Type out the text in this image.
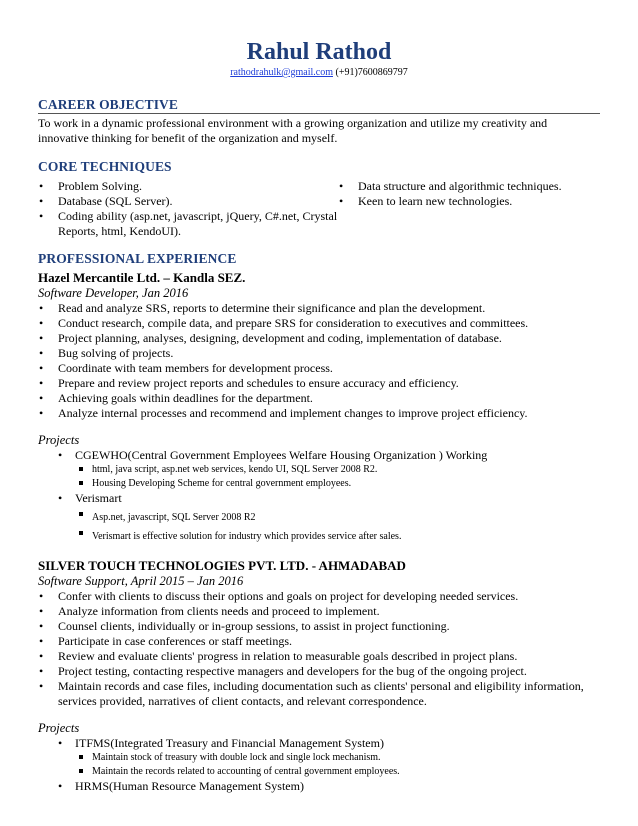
Rahul Rathod
rathodrahulk@gmail.com (+91)7600869797
CAREER OBJECTIVE

To work in a dynamic professional environment with a growing organization and utilize my creativity and innovative thinking for benefit of the organization and myself.

CORE TECHNIQUES
• Problem Solving.
• Database (SQL Server).
• Coding ability (asp.net, javascript, jQuery, C#.net, Crystal Reports, html, KendoUI).
• Data structure and algorithmic techniques.
• Keen to learn new technologies.
PROFESSIONAL EXPERIENCE
Hazel Mercantile Ltd. – Kandla SEZ.
Software Developer, Jan 2016
• Read and analyze SRS, reports to determine their significance and plan the development.
• Conduct research, compile data, and prepare SRS for consideration to executives and committees.
• Project planning, analyses, designing, development and coding, implementation of database.
• Bug solving of projects.
• Coordinate with team members for development process.
• Prepare and review project reports and schedules to ensure accuracy and efficiency.
• Achieving goals within deadlines for the department.
• Analyze internal processes and recommend and implement changes to improve project efficiency.
Projects
• CGEWHO(Central Government Employees Welfare Housing Organization ) Working
html, java script, asp.net web services, kendo UI, SQL Server 2008 R2.
Housing Developing Scheme for central government employees.
• Verismart
Asp.net, javascript, SQL Server 2008 R2
Verismart is effective solution for industry which provides service after sales.
SILVER TOUCH TECHNOLOGIES PVT. LTD. - AHMADABAD
Software Support, April 2015 – Jan 2016
• Confer with clients to discuss their options and goals on project for developing needed services.
• Analyze information from clients needs and proceed to implement.
• Counsel clients, individually or in-group sessions, to assist in project functioning.
• Participate in case conferences or staff meetings.
• Review and evaluate clients' progress in relation to measurable goals described in project plans.
• Project testing, contacting respective managers and developers for the bug of the ongoing project.
• Maintain records and case files, including documentation such as clients' personal and eligibility information, services provided, narratives of client contacts, and relevant correspondence.
Projects
• ITFMS(Integrated Treasury and Financial Management System)
Maintain stock of treasury with double lock and single lock mechanism.
Maintain the records related to accounting of central government employees.
• HRMS(Human Resource Management System)
